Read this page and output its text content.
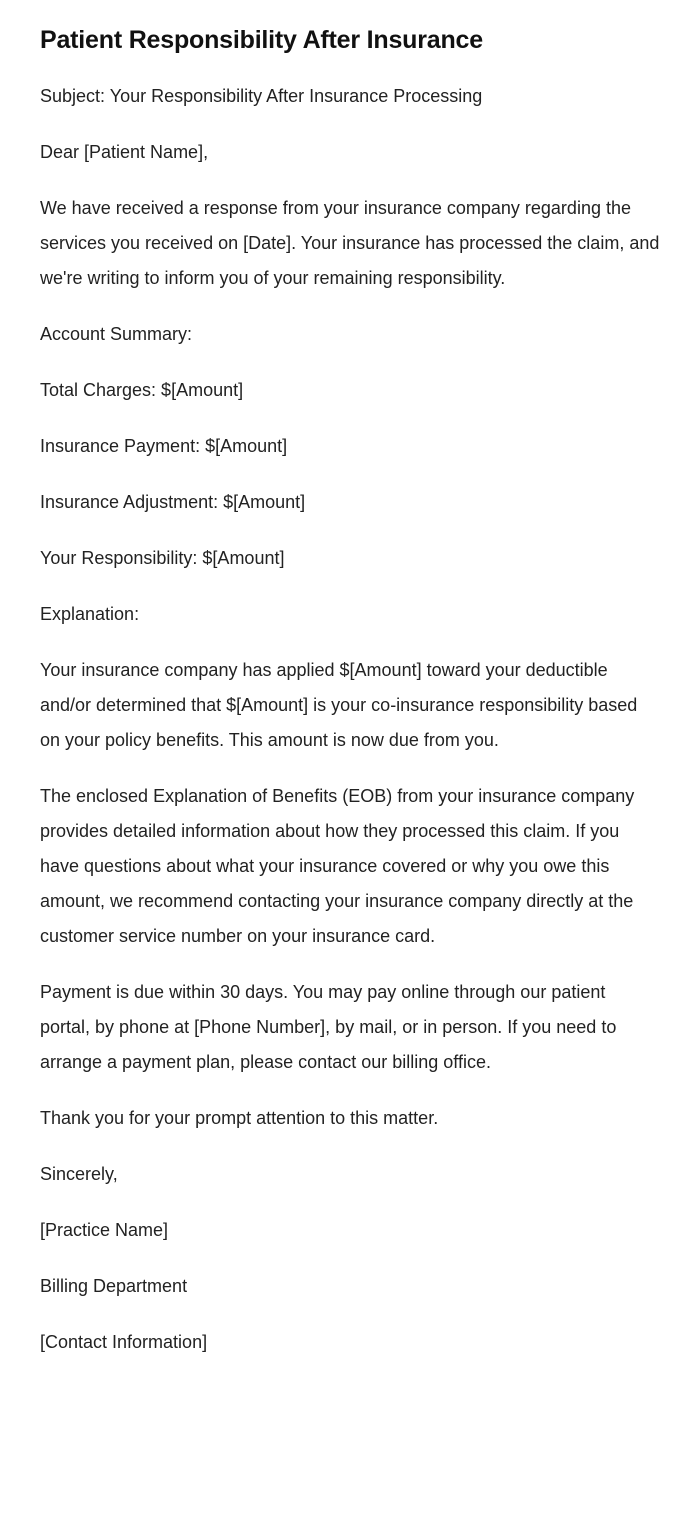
Patient Responsibility After Insurance

Subject: Your Responsibility After Insurance Processing

Dear [Patient Name],

We have received a response from your insurance company regarding the services you received on [Date]. Your insurance has processed the claim, and we're writing to inform you of your remaining responsibility.

Account Summary:

Total Charges: $[Amount]

Insurance Payment: $[Amount]

Insurance Adjustment: $[Amount]

Your Responsibility: $[Amount]

Explanation:

Your insurance company has applied $[Amount] toward your deductible and/or determined that $[Amount] is your co-insurance responsibility based on your policy benefits. This amount is now due from you.

The enclosed Explanation of Benefits (EOB) from your insurance company provides detailed information about how they processed this claim. If you have questions about what your insurance covered or why you owe this amount, we recommend contacting your insurance company directly at the customer service number on your insurance card.

Payment is due within 30 days. You may pay online through our patient portal, by phone at [Phone Number], by mail, or in person. If you need to arrange a payment plan, please contact our billing office.

Thank you for your prompt attention to this matter.

Sincerely,

[Practice Name]

Billing Department

[Contact Information]
